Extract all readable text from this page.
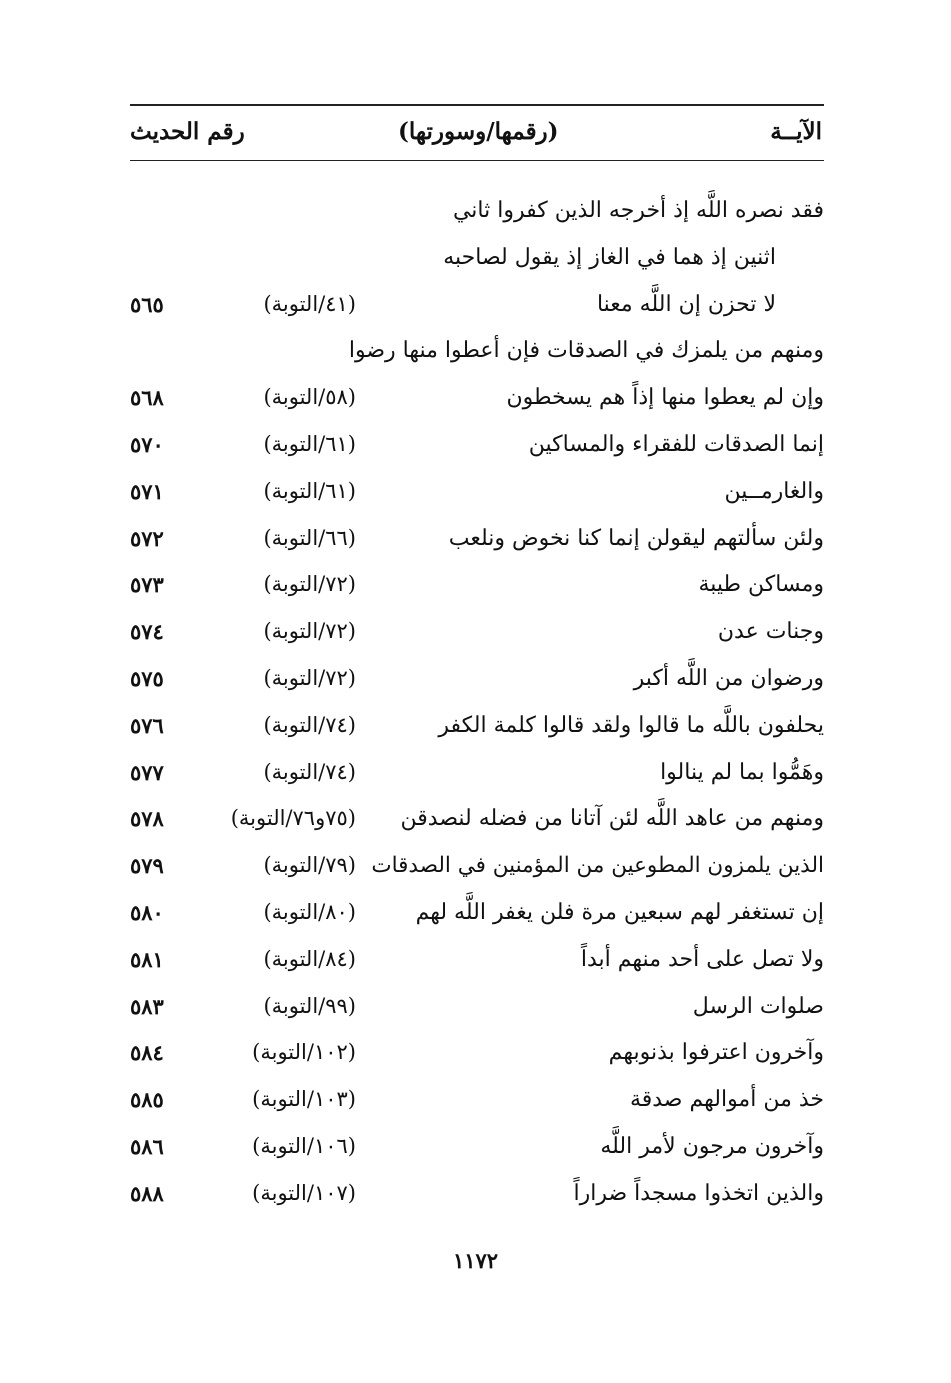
الآيــة
(رقمها/وسورتها)
رقم الحديث
فقد نصره اللَّه إذ أخرجه الذين كفروا ثاني
اثنين إذ هما في الغاز إذ يقول لصاحبه
لا تحزن إن اللَّه معنا
(٤١/التوبة)
٥٦٥
ومنهم من يلمزك في الصدقات فإن أعطوا منها رضوا
وإن لم يعطوا منها إذاً هم يسخطون
(٥٨/التوبة)
٥٦٨
إنما الصدقات للفقراء والمساكين
(٦١/التوبة)
٥٧٠
والغارمــين
(٦١/التوبة)
٥٧١
ولئن سألتهم ليقولن إنما كنا نخوض ونلعب
(٦٦/التوبة)
٥٧٢
ومساكن طيبة
(٧٢/التوبة)
٥٧٣
وجنات عدن
(٧٢/التوبة)
٥٧٤
ورضوان من اللَّه أكبر
(٧٢/التوبة)
٥٧٥
يحلفون باللَّه ما قالوا ولقد قالوا كلمة الكفر
(٧٤/التوبة)
٥٧٦
وهَمُّوا بما لم ينالوا
(٧٤/التوبة)
٥٧٧
ومنهم من عاهد اللَّه لئن آتانا من فضله لنصدقن
(٧٥و٧٦/التوبة)
٥٧٨
الذين يلمزون المطوعين من المؤمنين في الصدقات
(٧٩/التوبة)
٥٧٩
إن تستغفر لهم سبعين مرة فلن يغفر اللَّه لهم
(٨٠/التوبة)
٥٨٠
ولا تصل على أحد منهم أبداً
(٨٤/التوبة)
٥٨١
صلوات الرسل
(٩٩/التوبة)
٥٨٣
وآخرون اعترفوا بذنوبهم
(١٠٢/التوبة)
٥٨٤
خذ من أموالهم صدقة
(١٠٣/التوبة)
٥٨٥
وآخرون مرجون لأمر اللَّه
(١٠٦/التوبة)
٥٨٦
والذين اتخذوا مسجداً ضراراً
(١٠٧/التوبة)
٥٨٨
١١٧٢
